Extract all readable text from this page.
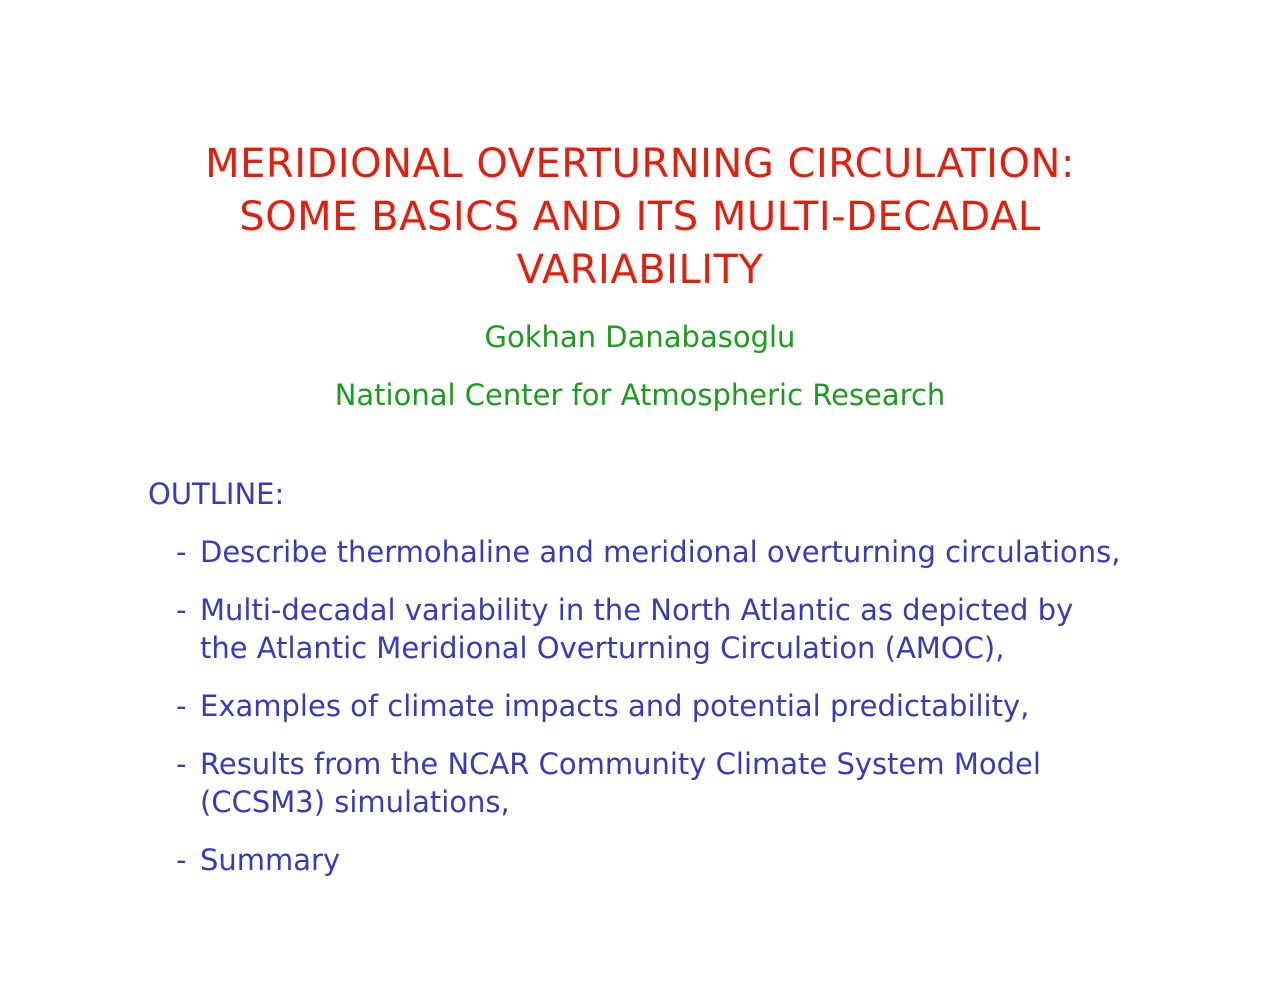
MERIDIONAL OVERTURNING CIRCULATION:
SOME BASICS AND ITS MULTI-DECADAL
VARIABILITY
Gokhan Danabasoglu
National Center for Atmospheric Research
OUTLINE:
- Describe thermohaline and meridional overturning circulations,
- Multi-decadal variability in the North Atlantic as depicted by
the Atlantic Meridional Overturning Circulation (AMOC),
- Examples of climate impacts and potential predictability,
- Results from the NCAR Community Climate System Model
(CCSM3) simulations,
- Summary
